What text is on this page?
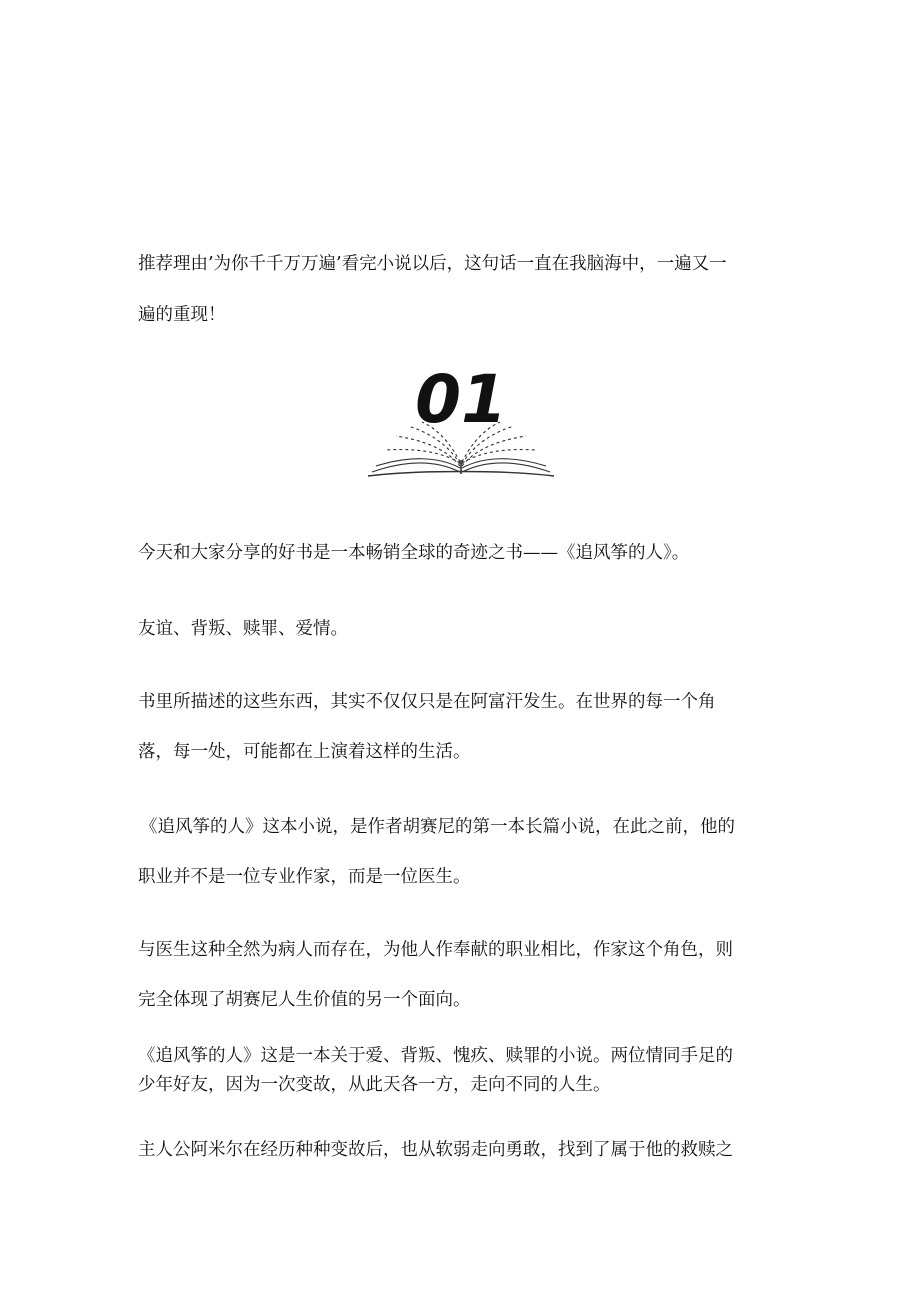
推荐理由’为你千千万万遍’看完小说以后，这句话一直在我脑海中，一遍又一
遍的重现！
01
今天和大家分享的好书是一本畅销全球的奇迹之书——《追风筝的人》。
友谊、背叛、赎罪、爱情。
书里所描述的这些东西，其实不仅仅只是在阿富汗发生。在世界的每一个角
落，每一处，可能都在上演着这样的生活。
《追风筝的人》这本小说，是作者胡赛尼的第一本长篇小说，在此之前，他的
职业并不是一位专业作家，而是一位医生。
与医生这种全然为病人而存在，为他人作奉献的职业相比，作家这个角色，则
完全体现了胡赛尼人生价值的另一个面向。
《追风筝的人》这是一本关于爱、背叛、愧疚、赎罪的小说。两位情同手足的
少年好友，因为一次变故，从此天各一方，走向不同的人生。
主人公阿米尔在经历种种变故后，也从软弱走向勇敢，找到了属于他的救赎之
